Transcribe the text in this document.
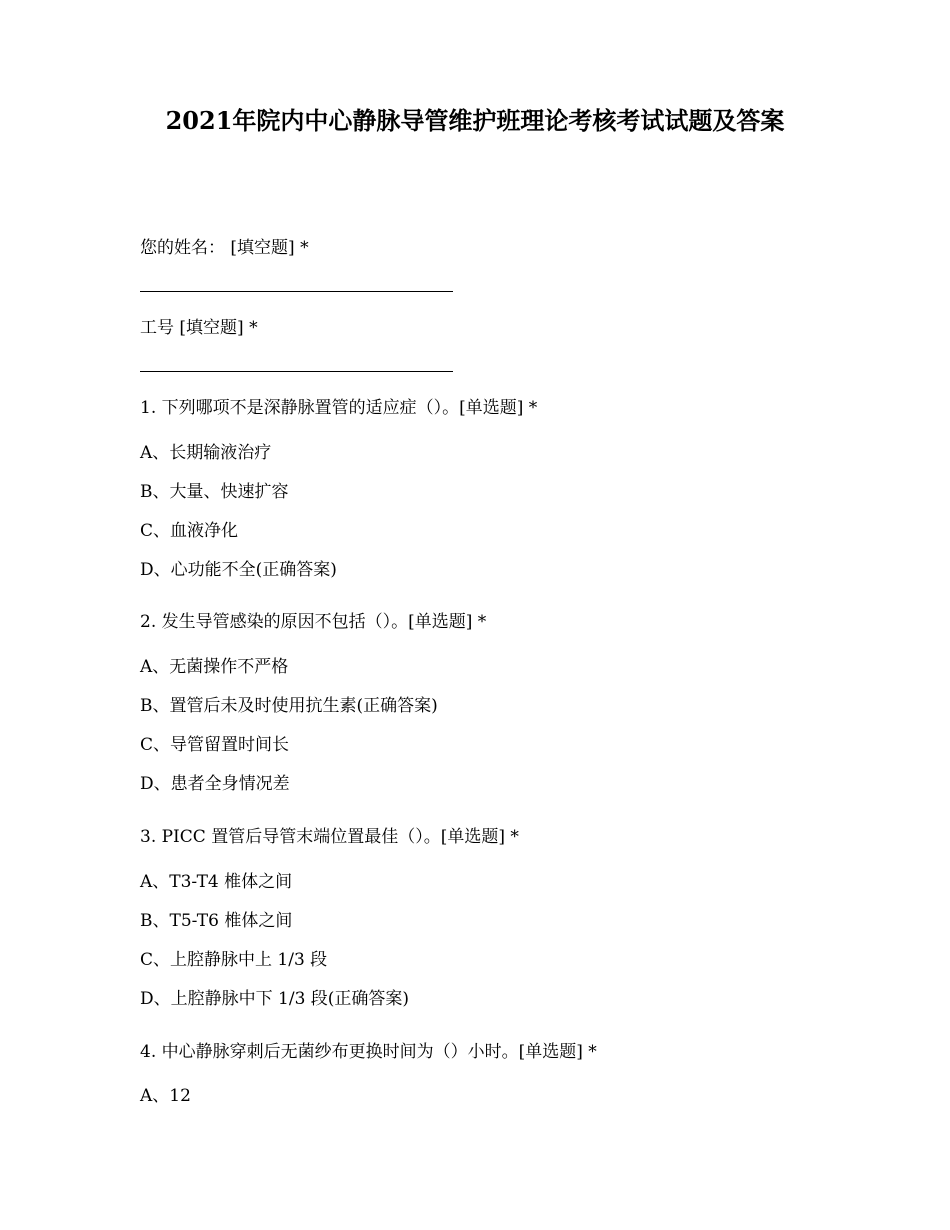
2021年院内中心静脉导管维护班理论考核考试试题及答案

您的姓名： [填空题] *

工号 [填空题] *

1. 下列哪项不是深静脉置管的适应症（）。[单选题] *

A、长期输液治疗

B、大量、快速扩容

C、血液净化

D、心功能不全(正确答案)

2. 发生导管感染的原因不包括（）。[单选题] *

A、无菌操作不严格

B、置管后未及时使用抗生素(正确答案)

C、导管留置时间长

D、患者全身情况差

3. PICC 置管后导管末端位置最佳（）。[单选题] *

A、T3-T4 椎体之间

B、T5-T6 椎体之间

C、上腔静脉中上 1/3 段

D、上腔静脉中下 1/3 段(正确答案)

4. 中心静脉穿刺后无菌纱布更换时间为（）小时。[单选题] *

A、12
